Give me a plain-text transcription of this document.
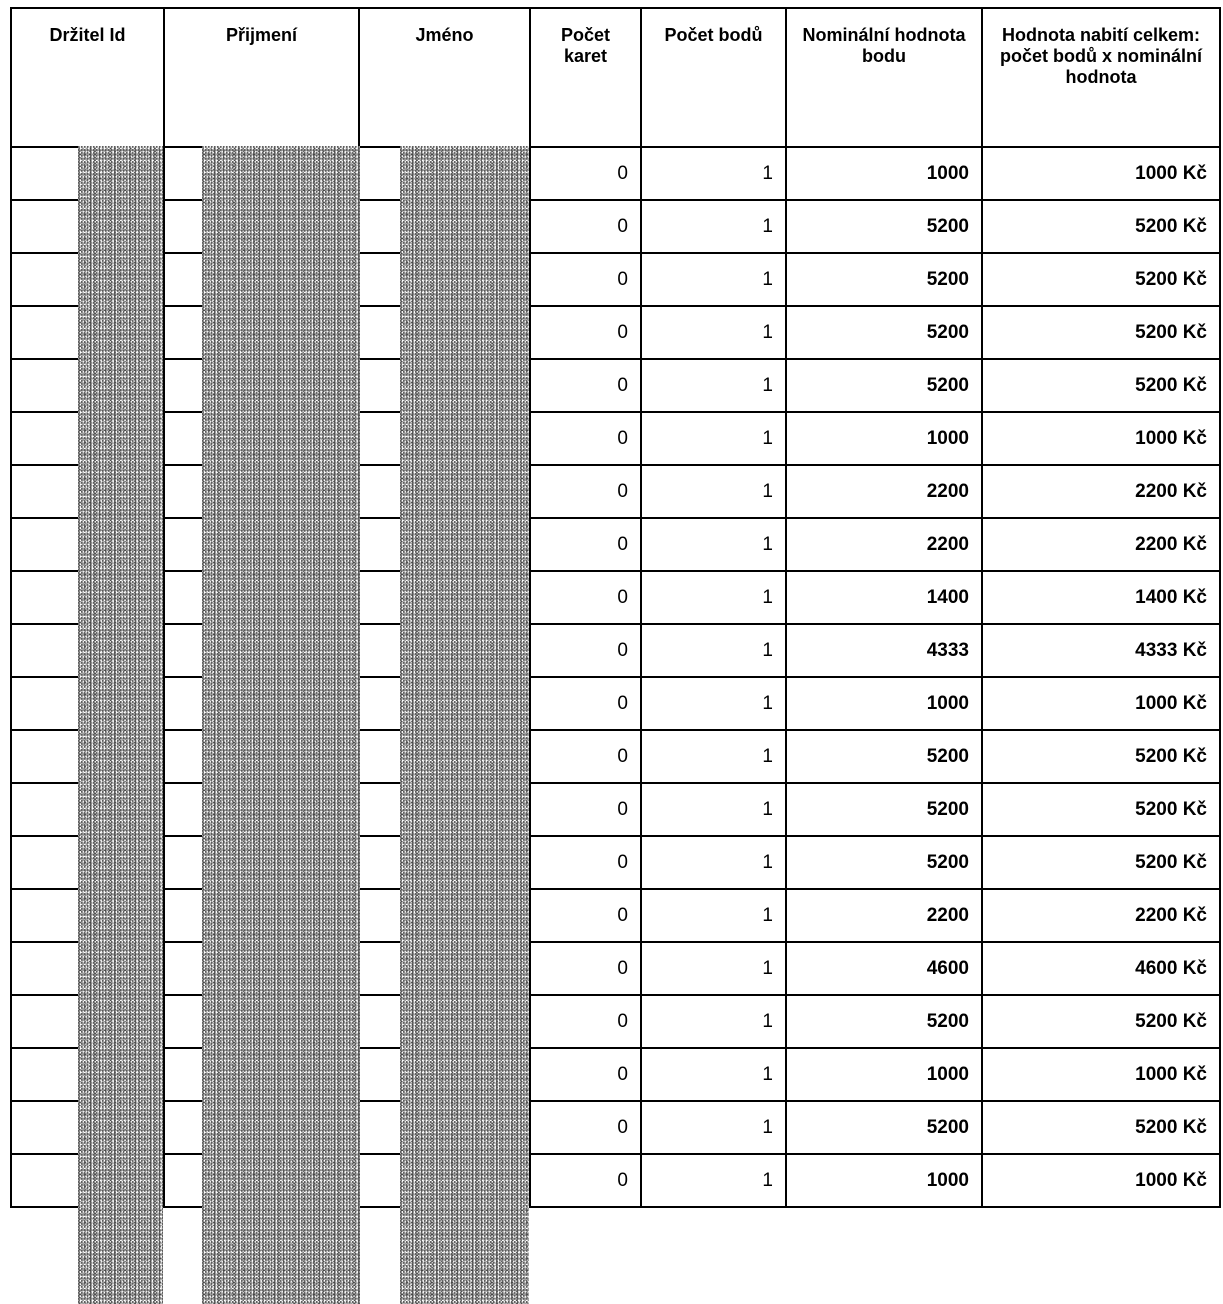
Držitel Id	Přijmení	Jméno	Počet karet	Počet bodů	Nominální hodnota bodu	Hodnota nabití celkem: počet bodů x nominální hodnota
			0	1	1000	1000 Kč
			0	1	5200	5200 Kč
			0	1	5200	5200 Kč
			0	1	5200	5200 Kč
			0	1	5200	5200 Kč
			0	1	1000	1000 Kč
			0	1	2200	2200 Kč
			0	1	2200	2200 Kč
			0	1	1400	1400 Kč
			0	1	4333	4333 Kč
			0	1	1000	1000 Kč
			0	1	5200	5200 Kč
			0	1	5200	5200 Kč
			0	1	5200	5200 Kč
			0	1	2200	2200 Kč
			0	1	4600	4600 Kč
			0	1	5200	5200 Kč
			0	1	1000	1000 Kč
			0	1	5200	5200 Kč
			0	1	1000	1000 Kč
